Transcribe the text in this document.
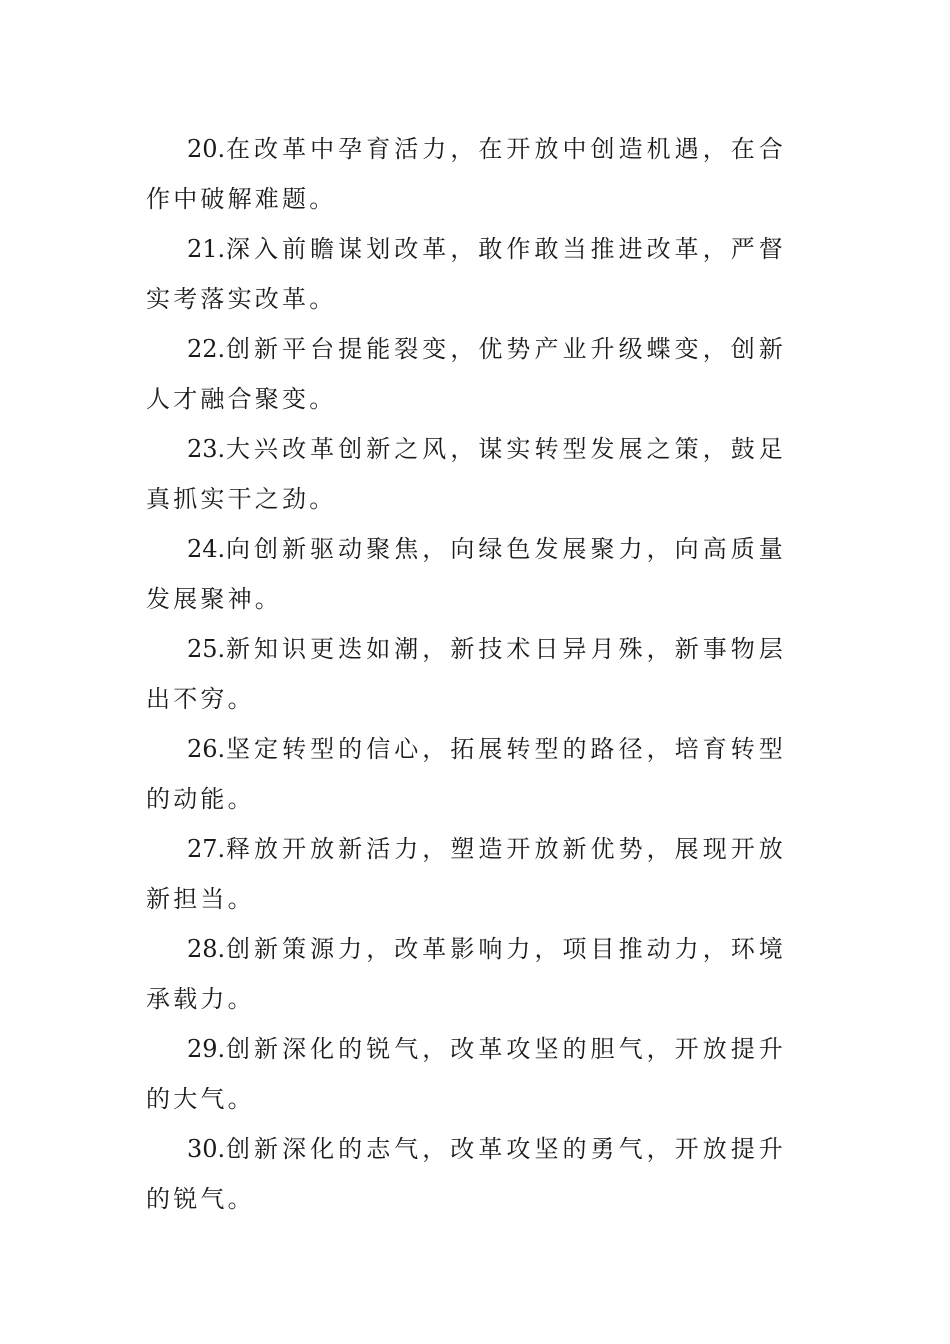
20.在改革中孕育活力，在开放中创造机遇，在合作中破解难题。

21.深入前瞻谋划改革，敢作敢当推进改革，严督实考落实改革。

22.创新平台提能裂变，优势产业升级蝶变，创新人才融合聚变。

23.大兴改革创新之风，谋实转型发展之策，鼓足真抓实干之劲。

24.向创新驱动聚焦，向绿色发展聚力，向高质量发展聚神。

25.新知识更迭如潮，新技术日异月殊，新事物层出不穷。

26.坚定转型的信心，拓展转型的路径，培育转型的动能。

27.释放开放新活力，塑造开放新优势，展现开放新担当。

28.创新策源力，改革影响力，项目推动力，环境承载力。

29.创新深化的锐气，改革攻坚的胆气，开放提升的大气。

30.创新深化的志气，改革攻坚的勇气，开放提升的锐气。
